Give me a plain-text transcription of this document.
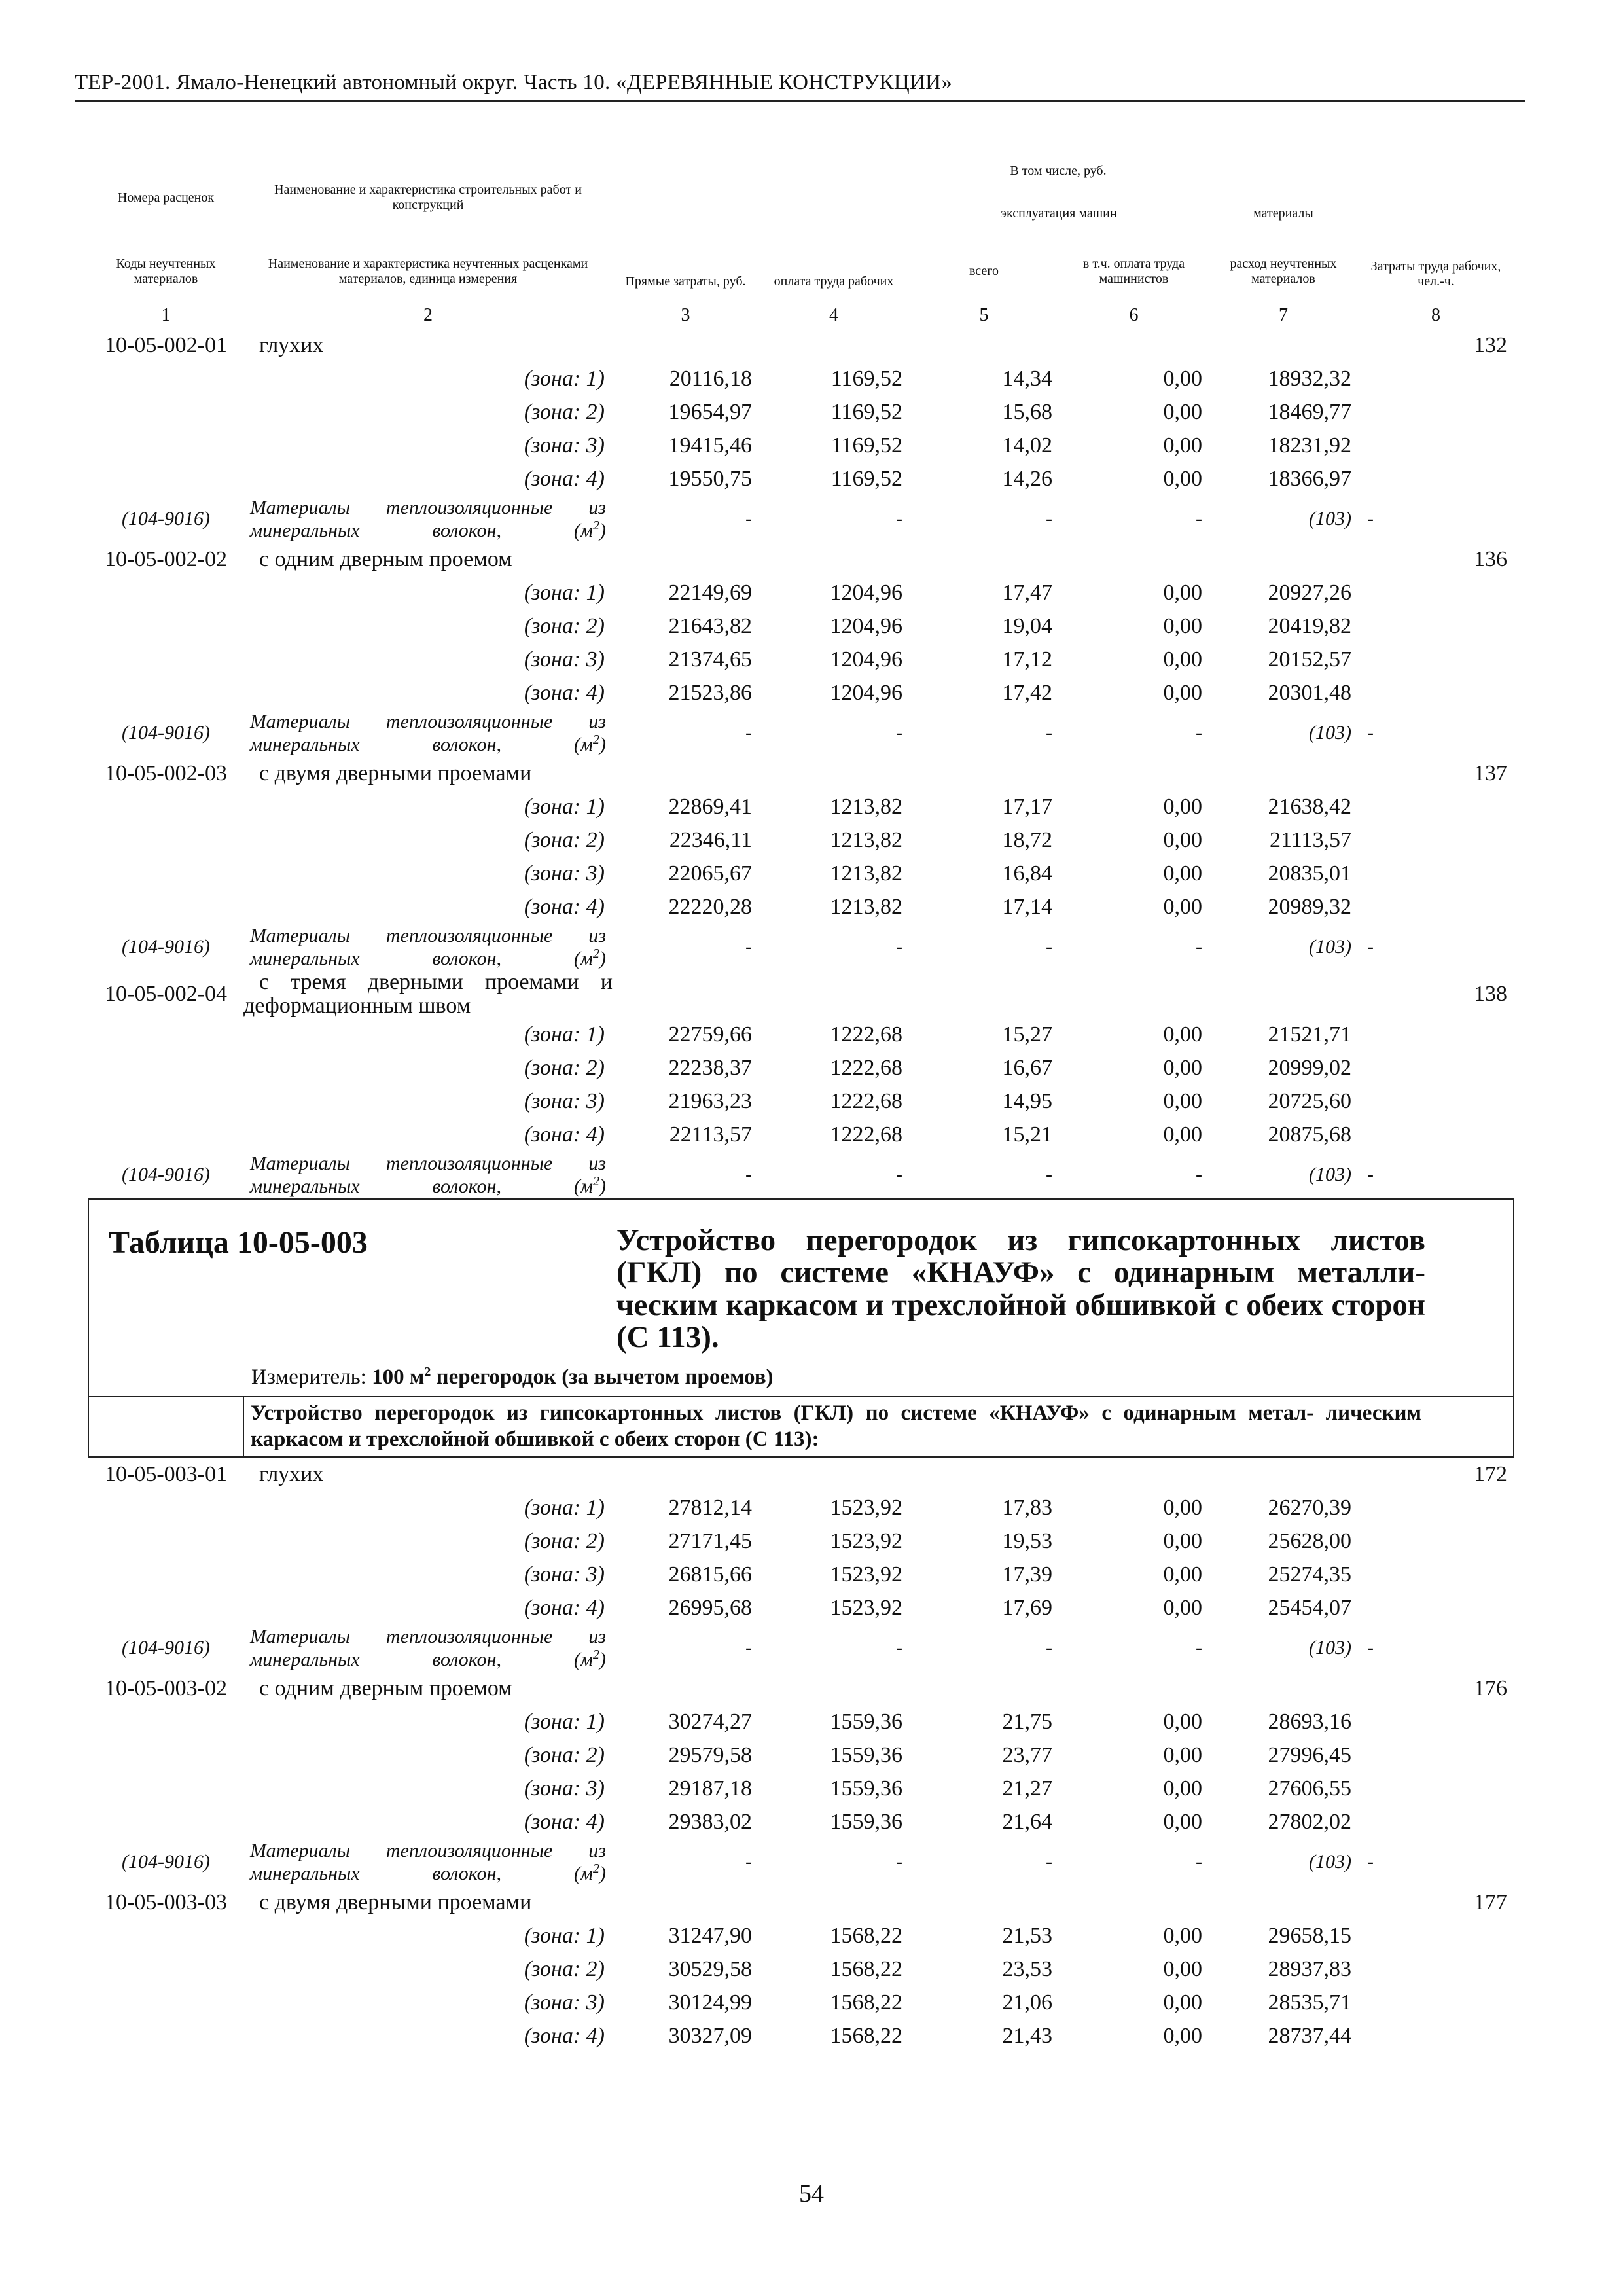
ТЕР-2001. Ямало-Ненецкий автономный округ. Часть 10. «ДЕРЕВЯННЫЕ КОНСТРУКЦИИ»
Номера расценок	Наименование и характеристика строительных работ и конструкций	Прямые затраты, руб.	В том числе, руб.				Затраты труда рабочих, чел.-ч.
			оплата труда рабочих	эксплуатация машин		материалы	
Коды неучтенных материалов	Наименование и характеристика неучтенных расценками материалов, единица измерения			всего	в т.ч. оплата труда машинистов	расход неучтенных материалов	

1	2	3	4	5	6	7	8
10-05-002-01	глухих						132
	(зона: 1)	20116,18	1169,52	14,34	0,00	18932,32	
	(зона: 2)	19654,97	1169,52	15,68	0,00	18469,77	
	(зона: 3)	19415,46	1169,52	14,02	0,00	18231,92	
	(зона: 4)	19550,75	1169,52	14,26	0,00	18366,97	
(104-9016)	Материалы теплоизоляционные из
минеральных волокон, $(м^2)$	-	-	-	-	(103)	-
10-05-002-02	с одним дверным проемом						136
	(зона: 1)	22149,69	1204,96	17,47	0,00	20927,26	
	(зона: 2)	21643,82	1204,96	19,04	0,00	20419,82	
	(зона: 3)	21374,65	1204,96	17,12	0,00	20152,57	
	(зона: 4)	21523,86	1204,96	17,42	0,00	20301,48	
(104-9016)	Материалы теплоизоляционные из
минеральных волокон, $(м^2)$	-	-	-	-	(103)	-
10-05-002-03	с двумя дверными проемами						137
	(зона: 1)	22869,41	1213,82	17,17	0,00	21638,42	
	(зона: 2)	22346,11	1213,82	18,72	0,00	21113,57	
	(зона: 3)	22065,67	1213,82	16,84	0,00	20835,01	
	(зона: 4)	22220,28	1213,82	17,14	0,00	20989,32	
(104-9016)	Материалы теплоизоляционные из
минеральных волокон, $(м^2)$	-	-	-	-	(103)	-
10-05-002-04	с тремя дверными проемами и
деформационным швом						138
	(зона: 1)	22759,66	1222,68	15,27	0,00	21521,71	
	(зона: 2)	22238,37	1222,68	16,67	0,00	20999,02	
	(зона: 3)	21963,23	1222,68	14,95	0,00	20725,60	
	(зона: 4)	22113,57	1222,68	15,21	0,00	20875,68	
(104-9016)	Материалы теплоизоляционные из
минеральных волокон, $(м^2)$	-	-	-	-	(103)	-

Таблица 10-05-003 Устройство перегородок из гипсокартонных листов (ГКЛ) по системе «КНАУФ» с одинарным металли- ческим каркасом и трехслойной обшивкой с обеих сторон (С 113).
Измеритель: 100 $м^2$ перегородок (за вычетом проемов)							

	Устройство перегородок из гипсокартонных листов (ГКЛ) по системе «КНАУФ» с одинарным метал- лическим каркасом и трехслойной обшивкой с обеих сторон (С 113):						
10-05-003-01	глухих						172
	(зона: 1)	27812,14	1523,92	17,83	0,00	26270,39	
	(зона: 2)	27171,45	1523,92	19,53	0,00	25628,00	
	(зона: 3)	26815,66	1523,92	17,39	0,00	25274,35	
	(зона: 4)	26995,68	1523,92	17,69	0,00	25454,07	
(104-9016)	Материалы теплоизоляционные из
минеральных волокон, $(м^2)$	-	-	-	-	(103)	-
10-05-003-02	с одним дверным проемом						176
	(зона: 1)	30274,27	1559,36	21,75	0,00	28693,16	
	(зона: 2)	29579,58	1559,36	23,77	0,00	27996,45	
	(зона: 3)	29187,18	1559,36	21,27	0,00	27606,55	
	(зона: 4)	29383,02	1559,36	21,64	0,00	27802,02	
(104-9016)	Материалы теплоизоляционные из
минеральных волокон, $(м^2)$	-	-	-	-	(103)	-
10-05-003-03	с двумя дверными проемами						177
	(зона: 1)	31247,90	1568,22	21,53	0,00	29658,15	
	(зона: 2)	30529,58	1568,22	23,53	0,00	28937,83	
	(зона: 3)	30124,99	1568,22	21,06	0,00	28535,71	
	(зона: 4)	30327,09	1568,22	21,43	0,00	28737,44	
54
